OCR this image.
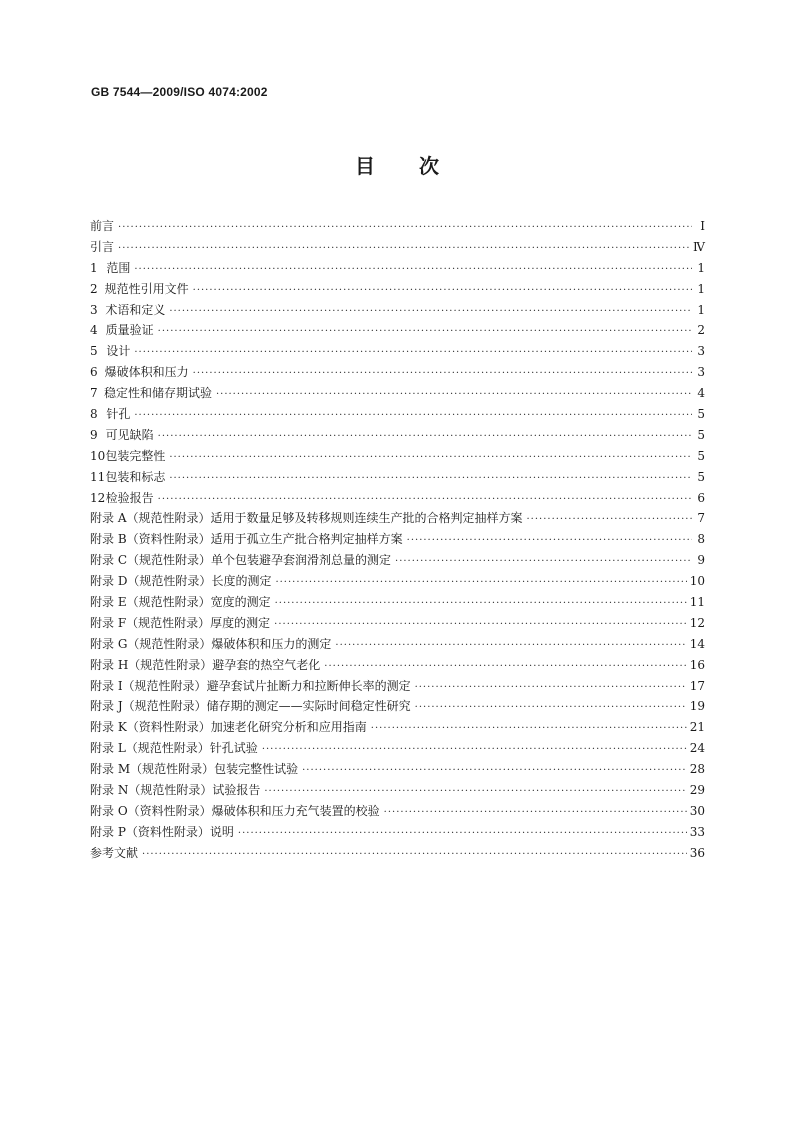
GB 7544—2009/ISO 4074:2002
目 次
前言 ·····	Ⅰ
引言 ·····	Ⅳ
1 范围 ·····	1
2 规范性引用文件 ·····	1
3 术语和定义 ·····	1
4 质量验证 ·····	2
5 设计 ·····	3
6 爆破体积和压力 ·····	3
7 稳定性和储存期试验 ·····	4
8 针孔 ·····	5
9 可见缺陷 ·····	5
10 包装完整性 ·····	5
11 包装和标志 ·····	5
12 检验报告 ·····	6
附录 A（规范性附录） 适用于数量足够及转移规则连续生产批的合格判定抽样方案 ·····	7
附录 B（资料性附录） 适用于孤立生产批合格判定抽样方案 ·····	8
附录 C（规范性附录） 单个包装避孕套润滑剂总量的测定 ·····	9
附录 D（规范性附录） 长度的测定 ·····	10
附录 E（规范性附录） 宽度的测定 ·····	11
附录 F（规范性附录） 厚度的测定 ·····	12
附录 G（规范性附录） 爆破体积和压力的测定 ·····	14
附录 H（规范性附录） 避孕套的热空气老化 ·····	16
附录 I（规范性附录） 避孕套试片扯断力和拉断伸长率的测定 ·····	17
附录 J（规范性附录） 储存期的测定——实际时间稳定性研究 ·····	19
附录 K（资料性附录） 加速老化研究分析和应用指南 ·····	21
附录 L（规范性附录） 针孔试验 ·····	24
附录 M（规范性附录） 包装完整性试验 ·····	28
附录 N（规范性附录） 试验报告 ·····	29
附录 O（资料性附录） 爆破体积和压力充气装置的校验 ·····	30
附录 P（资料性附录） 说明 ·····	33
参考文献 ·····	36
